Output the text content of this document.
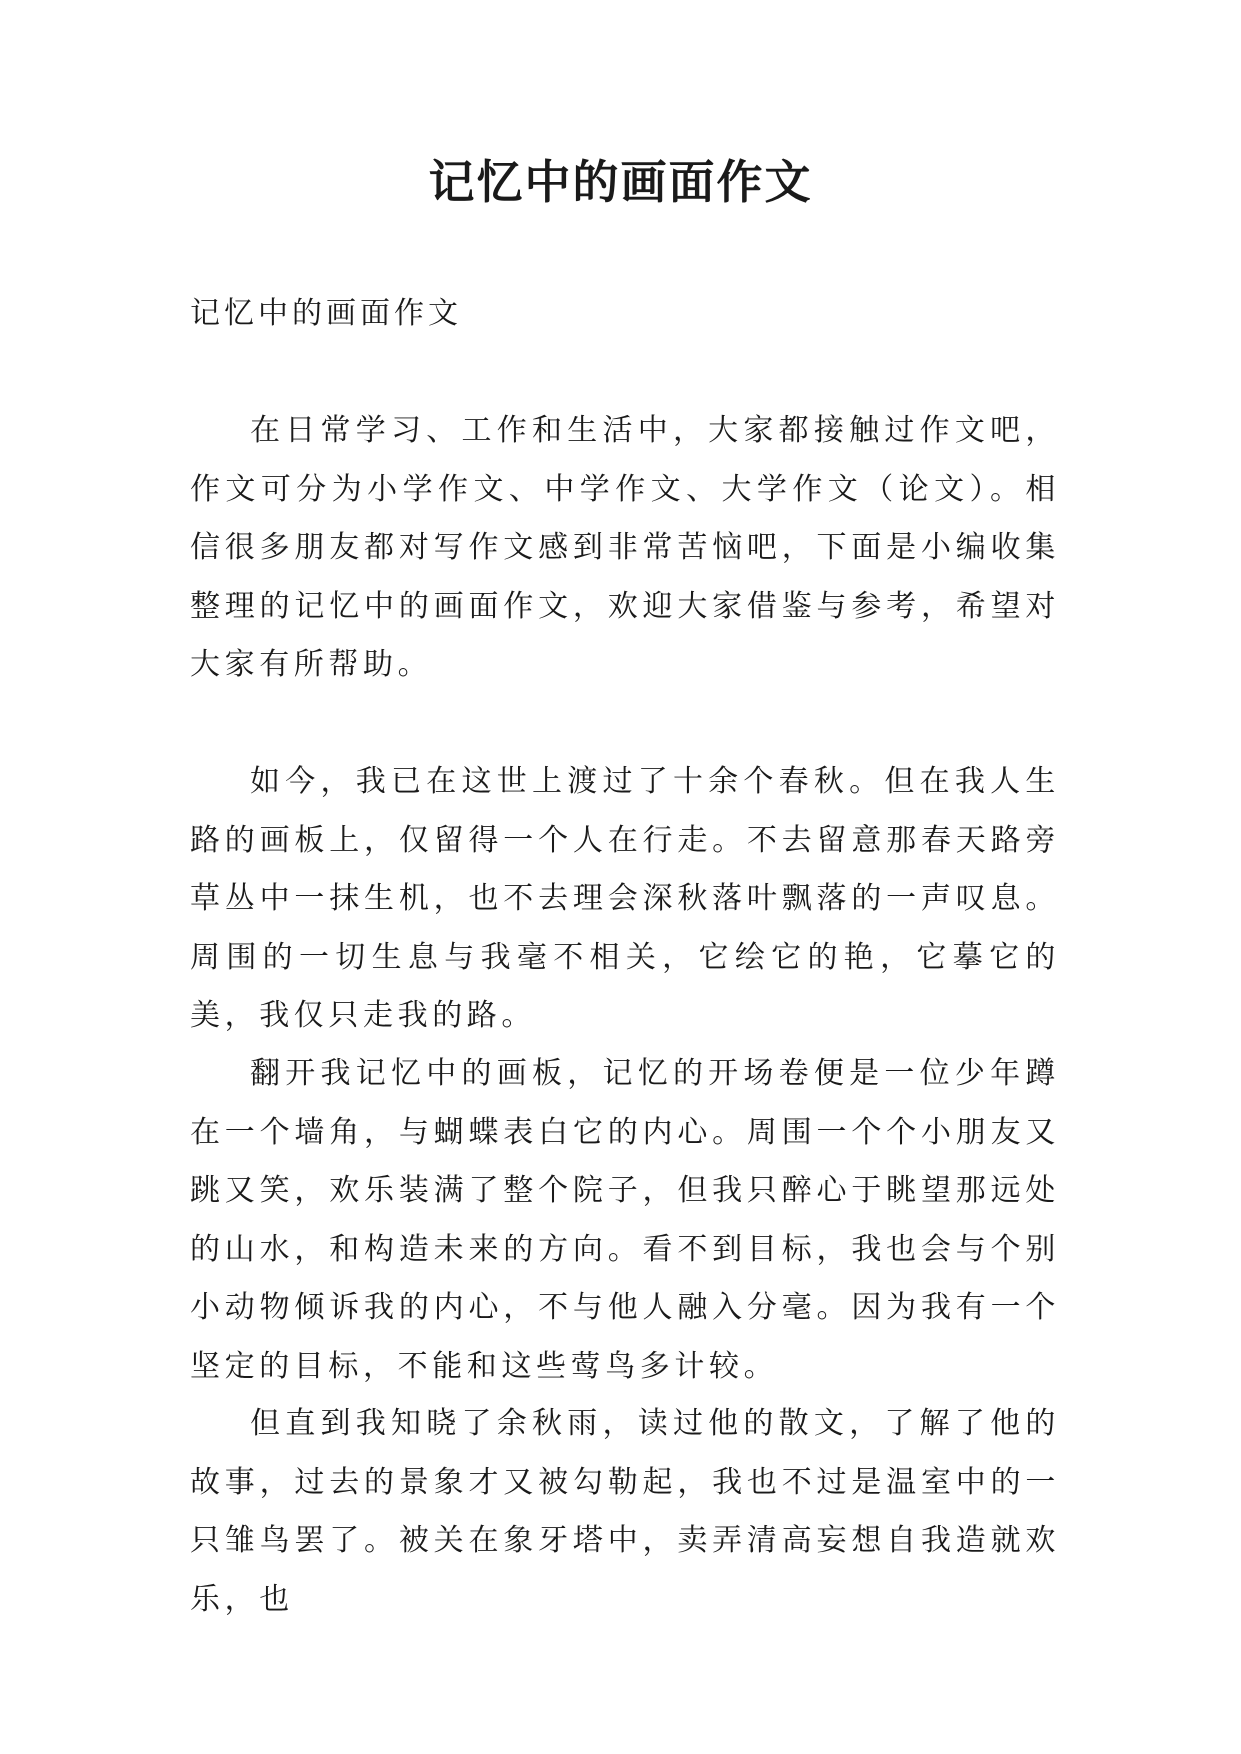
记忆中的画面作文

记忆中的画面作文

在日常学习、工作和生活中，大家都接触过作文吧，作文可分为小学作文、中学作文、大学作文（论文）。相信很多朋友都对写作文感到非常苦恼吧，下面是小编收集整理的记忆中的画面作文，欢迎大家借鉴与参考，希望对大家有所帮助。

如今，我已在这世上渡过了十余个春秋。但在我人生路的画板上，仅留得一个人在行走。不去留意那春天路旁草丛中一抹生机，也不去理会深秋落叶飘落的一声叹息。周围的一切生息与我毫不相关，它绘它的艳，它摹它的美，我仅只走我的路。

翻开我记忆中的画板，记忆的开场卷便是一位少年蹲在一个墙角，与蝴蝶表白它的内心。周围一个个小朋友又跳又笑，欢乐装满了整个院子，但我只醉心于眺望那远处的山水，和构造未来的方向。看不到目标，我也会与个别小动物倾诉我的内心，不与他人融入分毫。因为我有一个坚定的目标，不能和这些莺鸟多计较。

但直到我知晓了余秋雨，读过他的散文，了解了他的故事，过去的景象才又被勾勒起，我也不过是温室中的一只雏鸟罢了。被关在象牙塔中，卖弄清高妄想自我造就欢乐，也
